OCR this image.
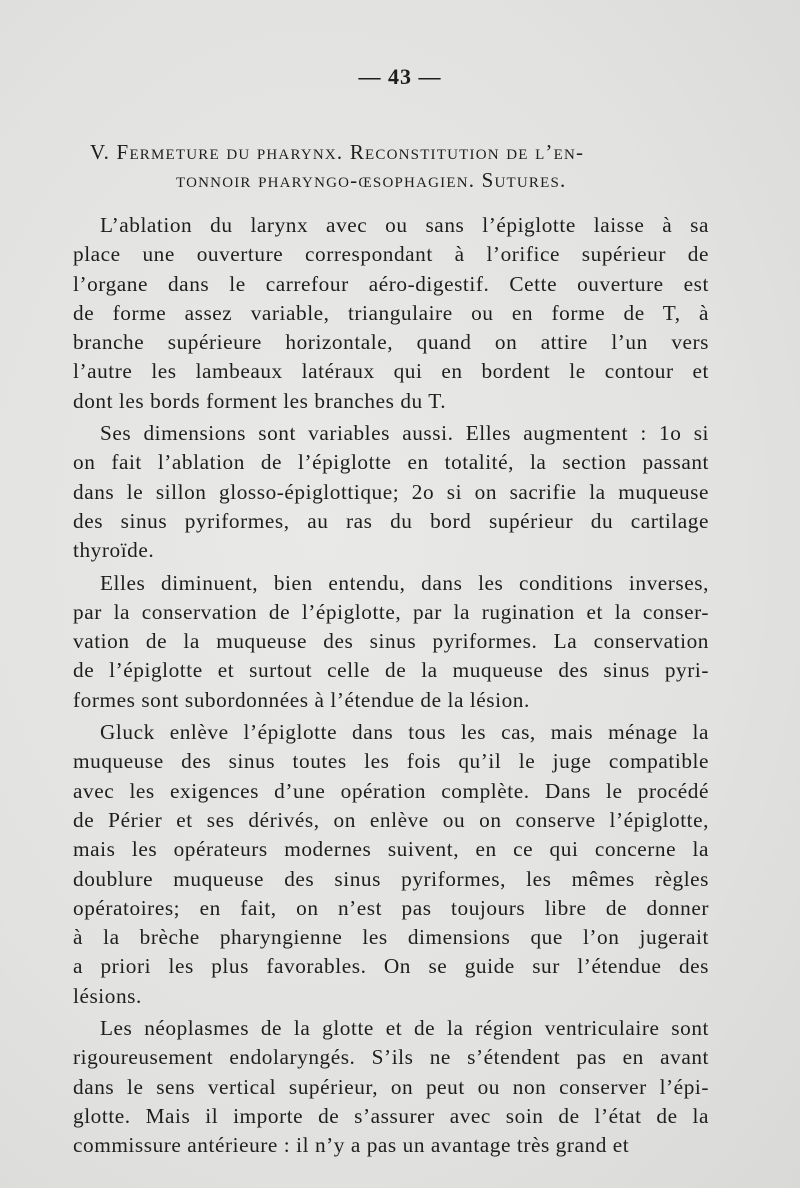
— 43 —
V. Fermeture du pharynx. Reconstitution de l’en-
tonnoir pharyngo-œsophagien. Sutures.
L’ablation du larynx avec ou sans l’épiglotte laisse à sa
place une ouverture correspondant à l’orifice supérieur de
l’organe dans le carrefour aéro-digestif. Cette ouverture est
de forme assez variable, triangulaire ou en forme de T, à
branche supérieure horizontale, quand on attire l’un vers
l’autre les lambeaux latéraux qui en bordent le contour et
dont les bords forment les branches du T.
Ses dimensions sont variables aussi. Elles augmentent : 1o si
on fait l’ablation de l’épiglotte en totalité, la section passant
dans le sillon glosso-épiglottique; 2o si on sacrifie la muqueuse
des sinus pyriformes, au ras du bord supérieur du cartilage
thyroïde.
Elles diminuent, bien entendu, dans les conditions inverses,
par la conservation de l’épiglotte, par la rugination et la conser-
vation de la muqueuse des sinus pyriformes. La conservation
de l’épiglotte et surtout celle de la muqueuse des sinus pyri-
formes sont subordonnées à l’étendue de la lésion.
Gluck enlève l’épiglotte dans tous les cas, mais ménage la
muqueuse des sinus toutes les fois qu’il le juge compatible
avec les exigences d’une opération complète. Dans le procédé
de Périer et ses dérivés, on enlève ou on conserve l’épiglotte,
mais les opérateurs modernes suivent, en ce qui concerne la
doublure muqueuse des sinus pyriformes, les mêmes règles
opératoires; en fait, on n’est pas toujours libre de donner
à la brèche pharyngienne les dimensions que l’on jugerait
a priori les plus favorables. On se guide sur l’étendue des
lésions.
Les néoplasmes de la glotte et de la région ventriculaire sont
rigoureusement endolaryngés. S’ils ne s’étendent pas en avant
dans le sens vertical supérieur, on peut ou non conserver l’épi-
glotte. Mais il importe de s’assurer avec soin de l’état de la
commissure antérieure : il n’y a pas un avantage très grand et
